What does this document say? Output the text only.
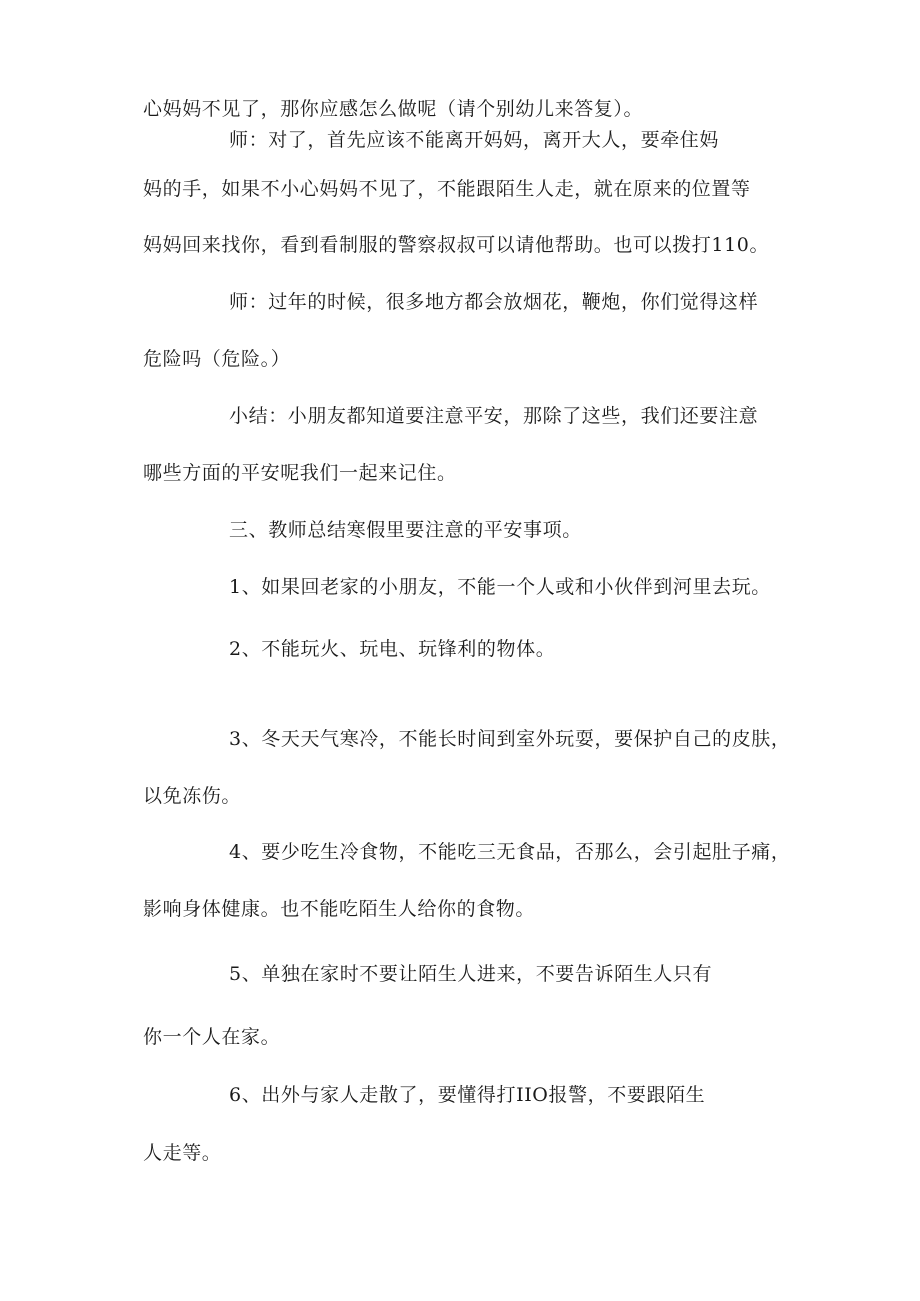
心妈妈不见了，那你应感怎么做呢（请个别幼儿来答复）。

师：对了，首先应该不能离开妈妈，离开大人，要牵住妈

妈的手，如果不小心妈妈不见了，不能跟陌生人走，就在原来的位置等

妈妈回来找你，看到看制服的警察叔叔可以请他帮助。也可以拨打110。

师：过年的时候，很多地方都会放烟花，鞭炮，你们觉得这样

危险吗（危险。）

小结：小朋友都知道要注意平安，那除了这些，我们还要注意

哪些方面的平安呢我们一起来记住。

三、教师总结寒假里要注意的平安事项。

1、如果回老家的小朋友，不能一个人或和小伙伴到河里去玩。

2、不能玩火、玩电、玩锋利的物体。

3、冬天天气寒冷，不能长时间到室外玩耍，要保护自己的皮肤，

以免冻伤。

4、要少吃生冷食物，不能吃三无食品，否那么，会引起肚子痛，

影响身体健康。也不能吃陌生人给你的食物。

5、单独在家时不要让陌生人进来，不要告诉陌生人只有

你一个人在家。

6、出外与家人走散了，要懂得打IIO报警，不要跟陌生

人走等。
